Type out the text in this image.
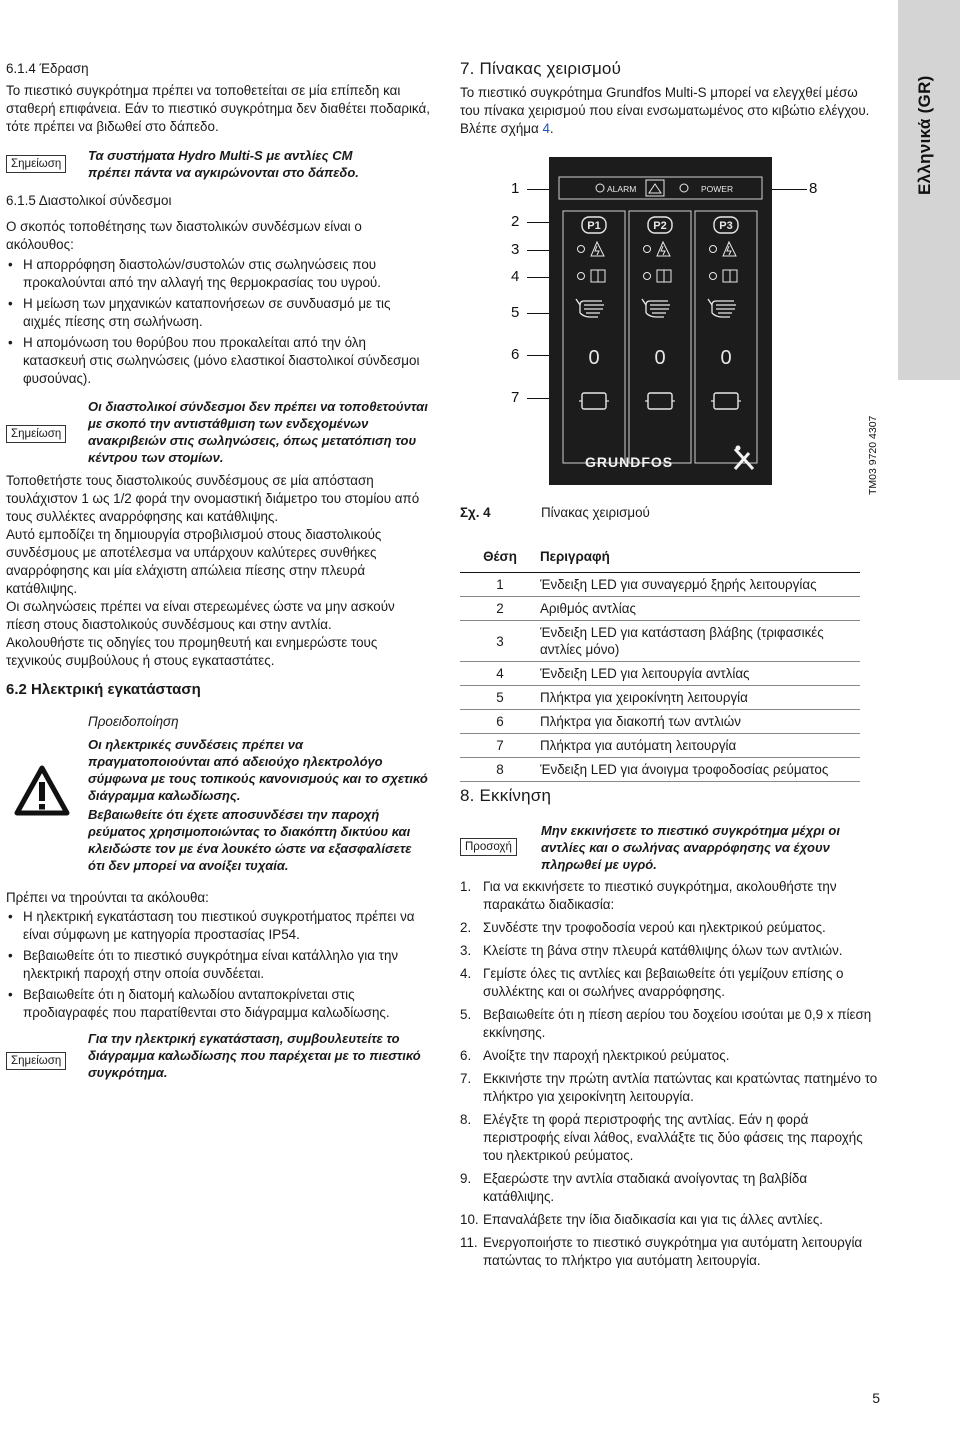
6.1.4 Έδραση

Το πιεστικό συγκρότημα πρέπει να τοποθετείται σε μία επίπεδη και σταθερή επιφάνεια. Εάν το πιεστικό συγκρότημα δεν διαθέτει ποδαρικά, τότε πρέπει να βιδωθεί στο δάπεδο.

Σημείωση

Τα συστήματα Hydro Multi-S με αντλίες CM πρέπει πάντα να αγκιρώνονται στο δάπεδο.

6.1.5 Διαστολικοί σύνδεσμοι

Ο σκοπός τοποθέτησης των διαστολικών συνδέσμων είναι ο ακόλουθος:

• Η απορρόφηση διαστολών/συστολών στις σωληνώσεις που προκαλούνται από την αλλαγή της θερμοκρασίας του υγρού.
• Η μείωση των μηχανικών καταπονήσεων σε συνδυασμό με τις αιχμές πίεσης στη σωλήνωση.
• Η απομόνωση του θορύβου που προκαλείται από την όλη κατασκευή στις σωληνώσεις (μόνο ελαστικοί διαστολικοί σύνδεσμοι φυσούνας).
Σημείωση

Οι διαστολικοί σύνδεσμοι δεν πρέπει να τοποθετούνται με σκοπό την αντιστάθμιση των ενδεχομένων ανακριβειών στις σωληνώσεις, όπως μετατόπιση του κέντρου των στομίων.

Τοποθετήστε τους διαστολικούς συνδέσμους σε μία απόσταση τουλάχιστον 1 ως 1/2 φορά την ονομαστική διάμετρο του στομίου από τους συλλέκτες αναρρόφησης και κατάθλιψης.

Αυτό εμποδίζει τη δημιουργία στροβιλισμού στους διαστολικούς συνδέσμους με αποτέλεσμα να υπάρχουν καλύτερες συνθήκες αναρρόφησης και μία ελάχιστη απώλεια πίεσης στην πλευρά κατάθλιψης.

Οι σωληνώσεις πρέπει να είναι στερεωμένες ώστε να μην ασκούν πίεση στους διαστολικούς συνδέσμους και στην αντλία.

Ακολουθήστε τις οδηγίες του προμηθευτή και ενημερώστε τους τεχνικούς συμβούλους ή στους εγκαταστάτες.

6.2 Ηλεκτρική εγκατάσταση

Προειδοποίηση

Οι ηλεκτρικές συνδέσεις πρέπει να πραγματοποιούνται από αδειούχο ηλεκτρολόγο σύμφωνα με τους τοπικούς κανονισμούς και το σχετικό διάγραμμα καλωδίωσης.

Βεβαιωθείτε ότι έχετε αποσυνδέσει την παροχή ρεύματος χρησιμοποιώντας το διακόπτη δικτύου και κλειδώστε τον με ένα λουκέτο ώστε να εξασφαλίσετε ότι δεν μπορεί να ανοίξει τυχαία.

Πρέπει να τηρούνται τα ακόλουθα:

• Η ηλεκτρική εγκατάσταση του πιεστικού συγκροτήματος πρέπει να είναι σύμφωνη με κατηγορία προστασίας IP54.
• Βεβαιωθείτε ότι το πιεστικό συγκρότημα είναι κατάλληλο για την ηλεκτρική παροχή στην οποία συνδέεται.
• Βεβαιωθείτε ότι η διατομή καλωδίου ανταποκρίνεται στις προδιαγραφές που παρατίθενται στο διάγραμμα καλωδίωσης.
Σημείωση

Για την ηλεκτρική εγκατάσταση, συμβουλευτείτε το διάγραμμα καλωδίωσης που παρέχεται με το πιεστικό συγκρότημα.

7. Πίνακας χειρισμού

Το πιεστικό συγκρότημα Grundfos Multi-S μπορεί να ελεγχθεί μέσω του πίνακα χειρισμού που είναι ενσωματωμένος στο κιβώτιο ελέγχου. Βλέπε σχήμα 4.

1
2
3
4
5
6
7
8
ALARM	POWER
P1
0
P2
0
P3
0
GRUNDFOS	TM03 9720 4307

Σχ. 4	Πίνακας χειρισμού

Θέση	Περιγραφή
1	Ένδειξη LED για συναγερμό ξηρής λειτουργίας
2	Αριθμός αντλίας
3	Ένδειξη LED για κατάσταση βλάβης (τριφασικές αντλίες μόνο)
4	Ένδειξη LED για λειτουργία αντλίας
5	Πλήκτρα για χειροκίνητη λειτουργία
6	Πλήκτρα για διακοπή των αντλιών
7	Πλήκτρα για αυτόματη λειτουργία
8	Ένδειξη LED για άνοιγμα τροφοδοσίας ρεύματος

8. Εκκίνηση

Προσοχή

Μην εκκινήσετε το πιεστικό συγκρότημα μέχρι οι αντλίες και ο σωλήνας αναρρόφησης να έχουν πληρωθεί με υγρό.

1. Για να εκκινήσετε το πιεστικό συγκρότημα, ακολουθήστε την παρακάτω διαδικασία:
2. Συνδέστε την τροφοδοσία νερού και ηλεκτρικού ρεύματος.
3. Κλείστε τη βάνα στην πλευρά κατάθλιψης όλων των αντλιών.
4. Γεμίστε όλες τις αντλίες και βεβαιωθείτε ότι γεμίζουν επίσης ο συλλέκτης και οι σωλήνες αναρρόφησης.
5. Βεβαιωθείτε ότι η πίεση αερίου του δοχείου ισούται με 0,9 x πίεση εκκίνησης.
6. Ανοίξτε την παροχή ηλεκτρικού ρεύματος.
7. Εκκινήστε την πρώτη αντλία πατώντας και κρατώντας πατημένο το πλήκτρο για χειροκίνητη λειτουργία.
8. Ελέγξτε τη φορά περιστροφής της αντλίας. Εάν η φορά περιστροφής είναι λάθος, εναλλάξτε τις δύο φάσεις της παροχής του ηλεκτρικού ρεύματος.
9. Εξαερώστε την αντλία σταδιακά ανοίγοντας τη βαλβίδα κατάθλιψης.
10. Επαναλάβετε την ίδια διαδικασία και για τις άλλες αντλίες.
11. Ενεργοποιήστε το πιεστικό συγκρότημα για αυτόματη λειτουργία πατώντας το πλήκτρο για αυτόματη λειτουργία.
Ελληνικά (GR)
5
